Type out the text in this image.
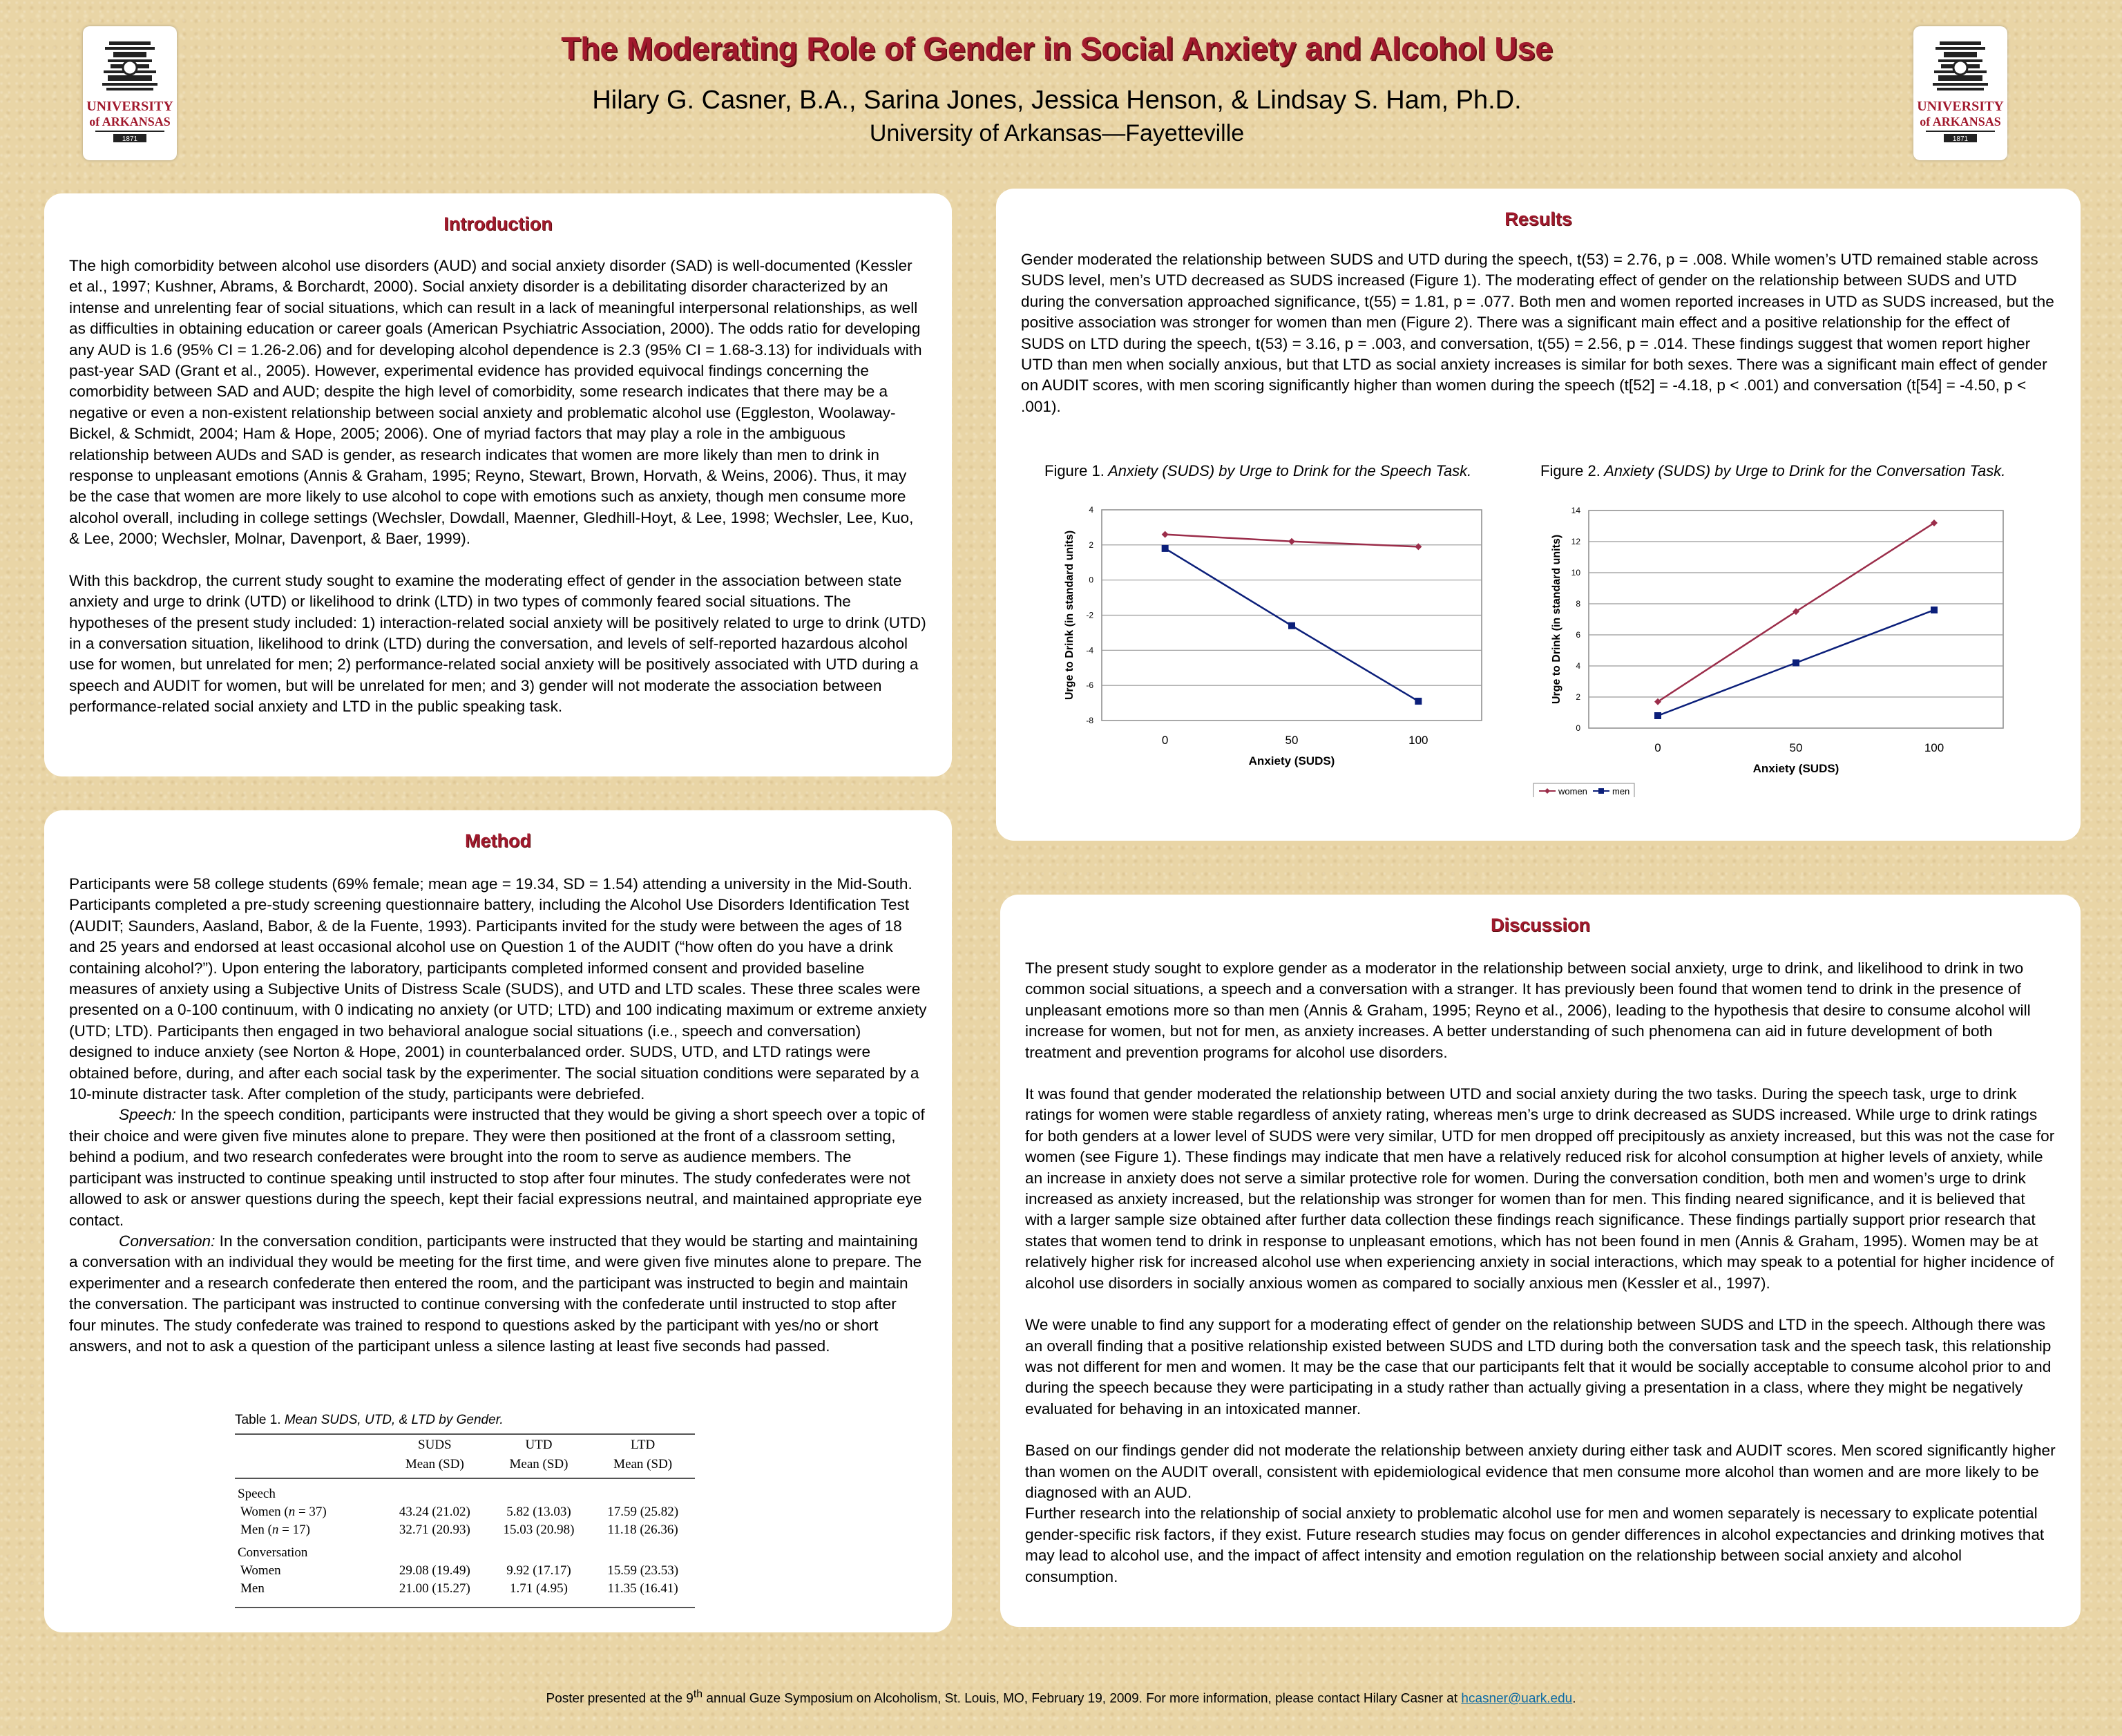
UNIVERSITY
of ARKANSAS
1871
UNIVERSITY
of ARKANSAS
1871
The Moderating Role of Gender in Social Anxiety and Alcohol Use

Hilary G. Casner, B.A., Sarina Jones, Jessica Henson, & Lindsay S. Ham, Ph.D.

University of Arkansas—Fayetteville

Introduction

The high comorbidity between alcohol use disorders (AUD) and social anxiety disorder (SAD) is well-documented (Kessler et al., 1997; Kushner, Abrams, & Borchardt, 2000). Social anxiety disorder is a debilitating disorder characterized by an intense and unrelenting fear of social situations, which can result in a lack of meaningful interpersonal relationships, as well as difficulties in obtaining education or career goals (American Psychiatric Association, 2000). The odds ratio for developing any AUD is 1.6 (95% CI = 1.26-2.06) and for developing alcohol dependence is 2.3 (95% CI = 1.68-3.13) for individuals with past-year SAD (Grant et al., 2005). However, experimental evidence has provided equivocal findings concerning the comorbidity between SAD and AUD; despite the high level of comorbidity, some research indicates that there may be a negative or even a non-existent relationship between social anxiety and problematic alcohol use (Eggleston, Woolaway-Bickel, & Schmidt, 2004; Ham & Hope, 2005; 2006). One of myriad factors that may play a role in the ambiguous relationship between AUDs and SAD is gender, as research indicates that women are more likely than men to drink in response to unpleasant emotions (Annis & Graham, 1995; Reyno, Stewart, Brown, Horvath, & Weins, 2006). Thus, it may be the case that women are more likely to use alcohol to cope with emotions such as anxiety, though men consume more alcohol overall, including in college settings (Wechsler, Dowdall, Maenner, Gledhill-Hoyt, & Lee, 1998; Wechsler, Lee, Kuo, & Lee, 2000; Wechsler, Molnar, Davenport, & Baer, 1999).

With this backdrop, the current study sought to examine the moderating effect of gender in the association between state anxiety and urge to drink (UTD) or likelihood to drink (LTD) in two types of commonly feared social situations. The hypotheses of the present study included: 1) interaction-related social anxiety will be positively related to urge to drink (UTD) in a conversation situation, likelihood to drink (LTD) during the conversation, and levels of self-reported hazardous alcohol use for women, but unrelated for men; 2) performance-related social anxiety will be positively associated with UTD during a speech and AUDIT for women, but will be unrelated for men; and 3) gender will not moderate the association between performance-related social anxiety and LTD in the public speaking task.

Method

Participants were 58 college students (69% female; mean age = 19.34, SD = 1.54) attending a university in the Mid-South. Participants completed a pre-study screening questionnaire battery, including the Alcohol Use Disorders Identification Test (AUDIT; Saunders, Aasland, Babor, & de la Fuente, 1993). Participants invited for the study were between the ages of 18 and 25 years and endorsed at least occasional alcohol use on Question 1 of the AUDIT (“how often do you have a drink containing alcohol?”). Upon entering the laboratory, participants completed informed consent and provided baseline measures of anxiety using a Subjective Units of Distress Scale (SUDS), and UTD and LTD scales. These three scales were presented on a 0-100 continuum, with 0 indicating no anxiety (or UTD; LTD) and 100 indicating maximum or extreme anxiety (UTD; LTD). Participants then engaged in two behavioral analogue social situations (i.e., speech and conversation) designed to induce anxiety (see Norton & Hope, 2001) in counterbalanced order. SUDS, UTD, and LTD ratings were obtained before, during, and after each social task by the experimenter. The social situation conditions were separated by a 10-minute distracter task. After completion of the study, participants were debriefed.

Speech: In the speech condition, participants were instructed that they would be giving a short speech over a topic of their choice and were given five minutes alone to prepare. They were then positioned at the front of a classroom setting, behind a podium, and two research confederates were brought into the room to serve as audience members. The participant was instructed to continue speaking until instructed to stop after four minutes. The study confederates were not allowed to ask or answer questions during the speech, kept their facial expressions neutral, and maintained appropriate eye contact.

Conversation: In the conversation condition, participants were instructed that they would be starting and maintaining a conversation with an individual they would be meeting for the first time, and were given five minutes alone to prepare. The experimenter and a research confederate then entered the room, and the participant was instructed to begin and maintain the conversation. The participant was instructed to continue conversing with the confederate until instructed to stop after four minutes. The study confederate was trained to respond to questions asked by the participant with yes/no or short answers, and not to ask a question of the participant unless a silence lasting at least five seconds had passed.

Table 1. Mean SUDS, UTD, & LTD by Gender.
	SUDS	UTD	LTD
	Mean (SD)	Mean (SD)	Mean (SD)
Speech			
Women (n = 37)	43.24 (21.02)	5.82 (13.03)	17.59 (25.82)
Men (n = 17)	32.71 (20.93)	15.03 (20.98)	11.18 (26.36)
Conversation			
Women	29.08 (19.49)	9.92 (17.17)	15.59 (23.53)
Men	21.00 (15.27)	1.71 (4.95)	11.35 (16.41)
Results

Gender moderated the relationship between SUDS and UTD during the speech, t(53) = 2.76, p = .008. While women’s UTD remained stable across SUDS level, men’s UTD decreased as SUDS increased (Figure 1). The moderating effect of gender on the relationship between SUDS and UTD during the conversation approached significance, t(55) = 1.81, p = .077. Both men and women reported increases in UTD as SUDS increased, but the positive association was stronger for women than men (Figure 2). There was a significant main effect and a positive relationship for the effect of SUDS on LTD during the speech, t(53) = 3.16, p = .003, and conversation, t(55) = 2.56, p = .014. These findings suggest that women report higher UTD than men when socially anxious, but that LTD as social anxiety increases is similar for both sexes. There was a significant main effect of gender on AUDIT scores, with men scoring significantly higher than women during the speech (t[52] = -4.18, p < .001) and conversation (t[54] = -4.50, p < .001).

Figure 1. Anxiety (SUDS) by Urge to Drink for the Speech Task.	Figure 2. Anxiety (SUDS) by Urge to Drink for the Conversation Task.
-8
-6
-4
-2
0
2
4
0	50	100
Anxiety (SUDS)
Urge to Drink (in standard units)
0
2
4
6
8
10
12
14
0	50	100
Anxiety (SUDS)
Urge to Drink (in standard units)
women	men
Discussion

The present study sought to explore gender as a moderator in the relationship between social anxiety, urge to drink, and likelihood to drink in two common social situations, a speech and a conversation with a stranger. It has previously been found that women tend to drink in the presence of unpleasant emotions more so than men (Annis & Graham, 1995; Reyno et al., 2006), leading to the hypothesis that desire to consume alcohol will increase for women, but not for men, as anxiety increases. A better understanding of such phenomena can aid in future development of both treatment and prevention programs for alcohol use disorders.

It was found that gender moderated the relationship between UTD and social anxiety during the two tasks. During the speech task, urge to drink ratings for women were stable regardless of anxiety rating, whereas men’s urge to drink decreased as SUDS increased. While urge to drink ratings for both genders at a lower level of SUDS were very similar, UTD for men dropped off precipitously as anxiety increased, but this was not the case for women (see Figure 1). These findings may indicate that men have a relatively reduced risk for alcohol consumption at higher levels of anxiety, while an increase in anxiety does not serve a similar protective role for women. During the conversation condition, both men and women’s urge to drink increased as anxiety increased, but the relationship was stronger for women than for men. This finding neared significance, and it is believed that with a larger sample size obtained after further data collection these findings reach significance. These findings partially support prior research that states that women tend to drink in response to unpleasant emotions, which has not been found in men (Annis & Graham, 1995). Women may be at relatively higher risk for increased alcohol use when experiencing anxiety in social interactions, which may speak to a potential for higher incidence of alcohol use disorders in socially anxious women as compared to socially anxious men (Kessler et al., 1997).

We were unable to find any support for a moderating effect of gender on the relationship between SUDS and LTD in the speech. Although there was an overall finding that a positive relationship existed between SUDS and LTD during both the conversation task and the speech task, this relationship was not different for men and women. It may be the case that our participants felt that it would be socially acceptable to consume alcohol prior to and during the speech because they were participating in a study rather than actually giving a presentation in a class, where they might be negatively evaluated for behaving in an intoxicated manner.

Based on our findings gender did not moderate the relationship between anxiety during either task and AUDIT scores. Men scored significantly higher than women on the AUDIT overall, consistent with epidemiological evidence that men consume more alcohol than women and are more likely to be diagnosed with an AUD.

Further research into the relationship of social anxiety to problematic alcohol use for men and women separately is necessary to explicate potential gender-specific risk factors, if they exist. Future research studies may focus on gender differences in alcohol expectancies and drinking motives that may lead to alcohol use, and the impact of affect intensity and emotion regulation on the relationship between social anxiety and alcohol consumption.

Poster presented at the 9th annual Guze Symposium on Alcoholism, St. Louis, MO, February 19, 2009. For more information, please contact Hilary Casner at hcasner@uark.edu.
